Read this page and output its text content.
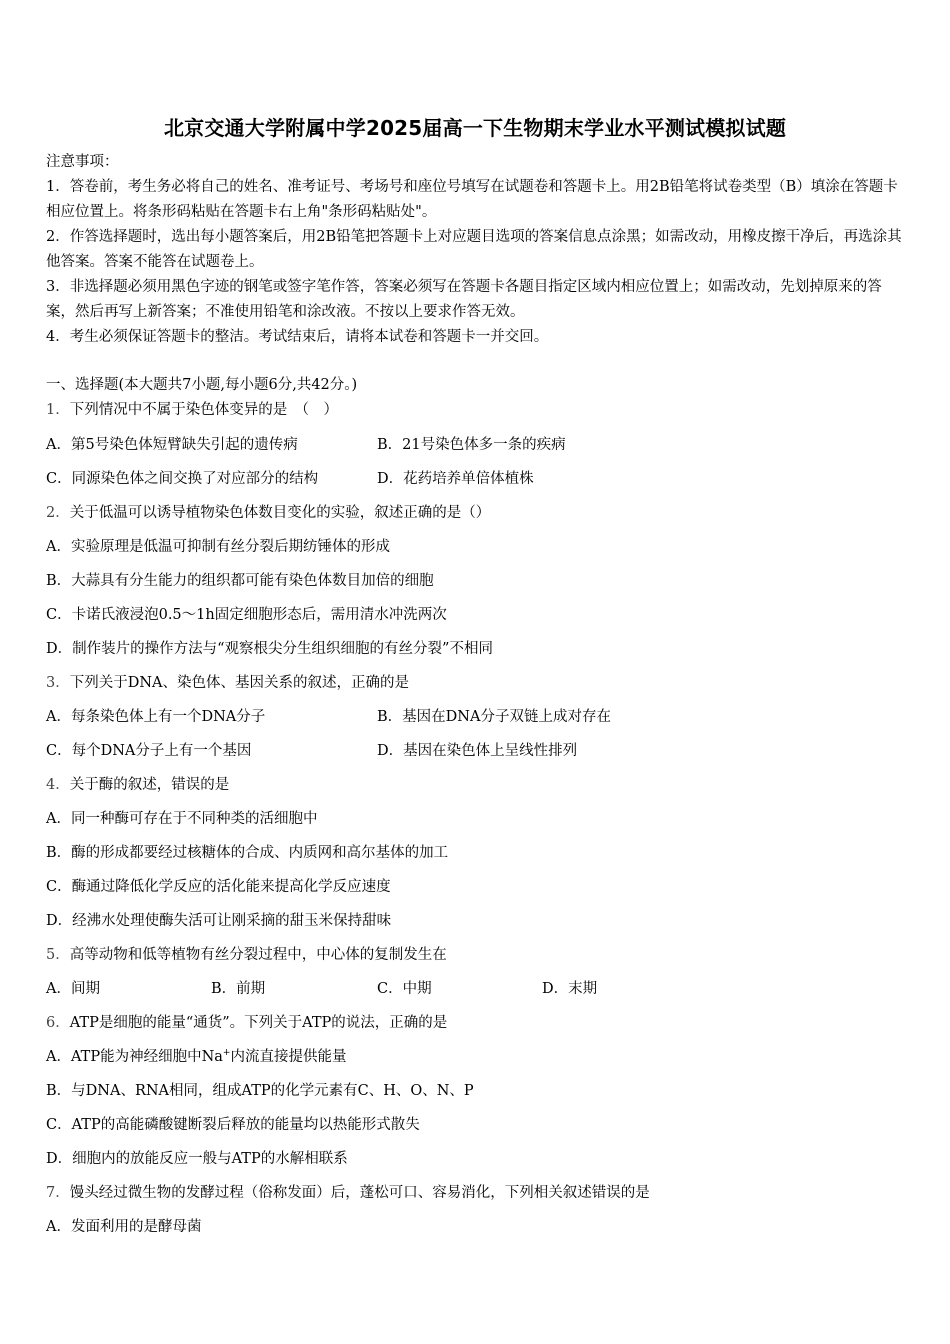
北京交通大学附属中学2025届高一下生物期末学业水平测试模拟试题

注意事项：

1．答卷前，考生务必将自己的姓名、准考证号、考场号和座位号填写在试题卷和答题卡上。用2B铅笔将试卷类型（B）填涂在答题卡相应位置上。将条形码粘贴在答题卡右上角"条形码粘贴处"。

2．作答选择题时，选出每小题答案后，用2B铅笔把答题卡上对应题目选项的答案信息点涂黑；如需改动，用橡皮擦干净后，再选涂其他答案。答案不能答在试题卷上。

3．非选择题必须用黑色字迹的钢笔或签字笔作答，答案必须写在答题卡各题目指定区域内相应位置上；如需改动，先划掉原来的答案，然后再写上新答案；不准使用铅笔和涂改液。不按以上要求作答无效。

4．考生必须保证答题卡的整洁。考试结束后，请将本试卷和答题卡一并交回。

一、选择题(本大题共7小题,每小题6分,共42分。)
1．下列情况中不属于染色体变异的是　（　）
A．第5号染色体短臂缺失引起的遗传病	B．21号染色体多一条的疾病
C．同源染色体之间交换了对应部分的结构	D．花药培养单倍体植株
2．关于低温可以诱导植物染色体数目变化的实验，叙述正确的是（）
A．实验原理是低温可抑制有丝分裂后期纺锤体的形成
B．大蒜具有分生能力的组织都可能有染色体数目加倍的细胞
C．卡诺氏液浸泡0.5～1h固定细胞形态后，需用清水冲洗两次
D．制作装片的操作方法与“观察根尖分生组织细胞的有丝分裂”不相同
3．下列关于DNA、染色体、基因关系的叙述，正确的是
A．每条染色体上有一个DNA分子	B．基因在DNA分子双链上成对存在
C．每个DNA分子上有一个基因	D．基因在染色体上呈线性排列
4．关于酶的叙述，错误的是
A．同一种酶可存在于不同种类的活细胞中
B．酶的形成都要经过核糖体的合成、内质网和高尔基体的加工
C．酶通过降低化学反应的活化能来提高化学反应速度
D．经沸水处理使酶失活可让刚采摘的甜玉米保持甜味
5．高等动物和低等植物有丝分裂过程中，中心体的复制发生在
A．间期	B．前期	C．中期	D．末期
6．ATP是细胞的能量“通货”。下列关于ATP的说法，正确的是
A．ATP能为神经细胞中Na+内流直接提供能量
B．与DNA、RNA相同，组成ATP的化学元素有C、H、O、N、P
C．ATP的高能磷酸键断裂后释放的能量均以热能形式散失
D．细胞内的放能反应一般与ATP的水解相联系
7．馒头经过微生物的发酵过程（俗称发面）后，蓬松可口、容易消化，下列相关叙述错误的是
A．发面利用的是酵母菌
